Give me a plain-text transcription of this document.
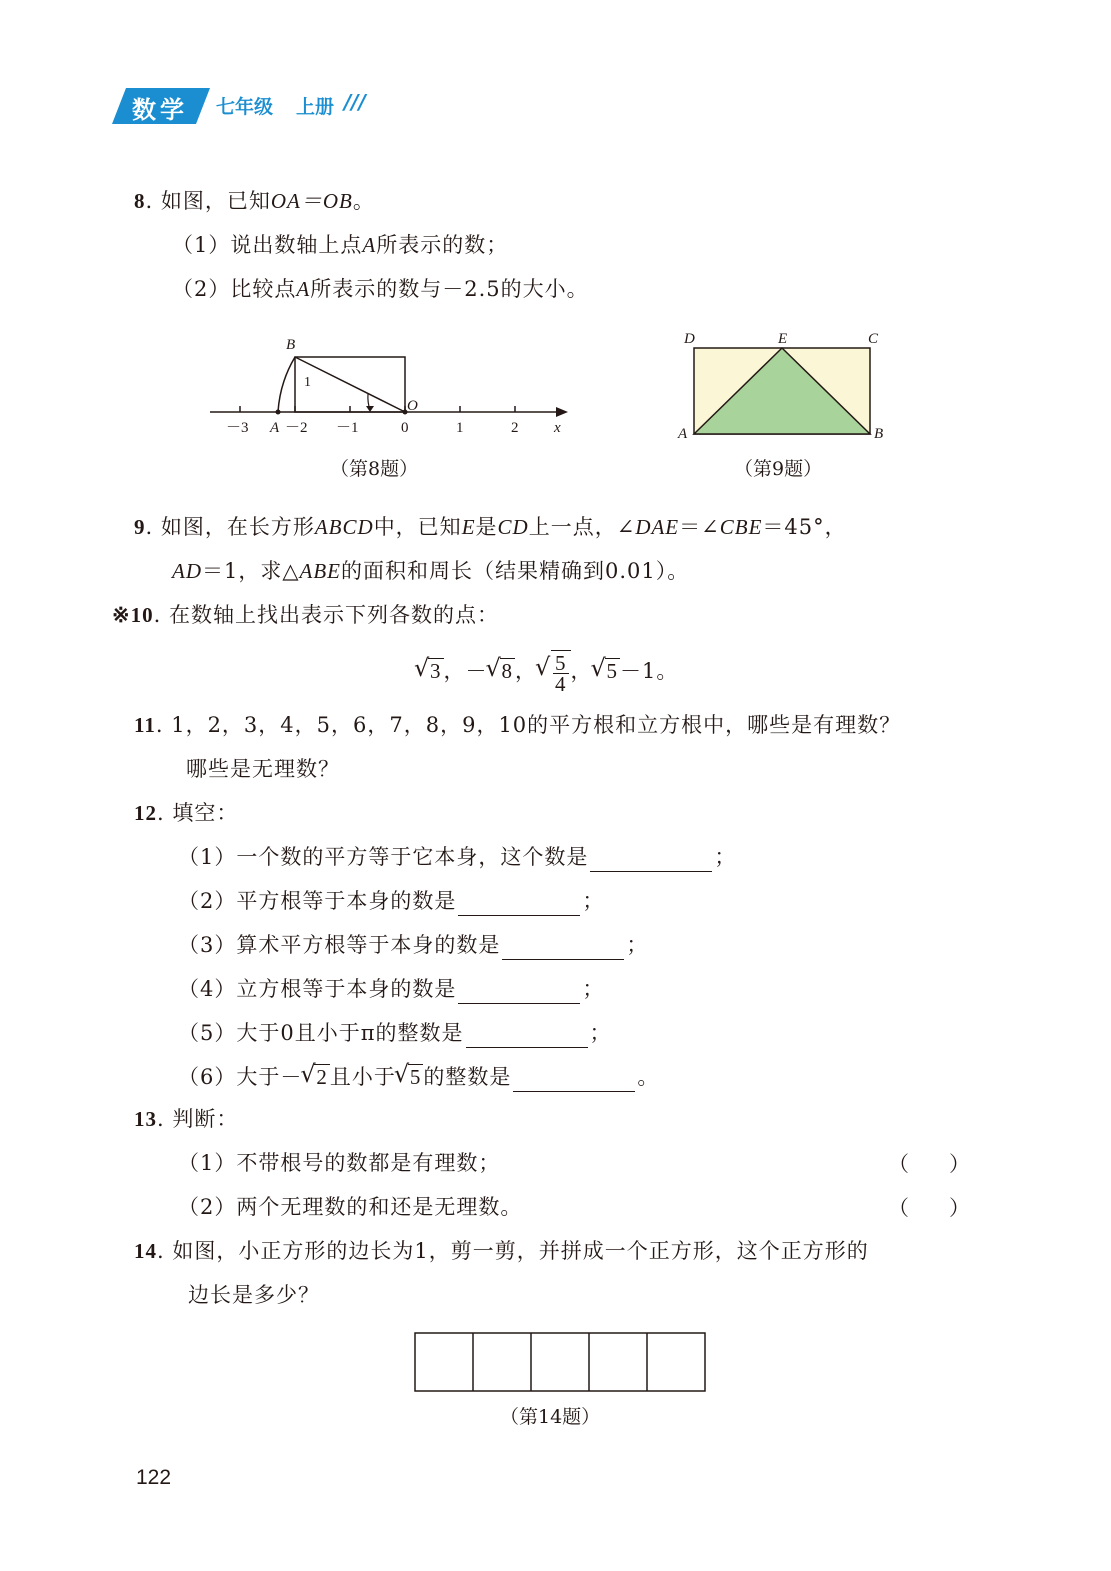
数学 七年级 上册 ///
8. 如图，已知OA＝OB。
（1）说出数轴上点A所表示的数；
（2）比较点A所表示的数与－2.5的大小。
B
1
O
A
－3 －2 －1	0	1	2 x
（第8题）
D	E	C
A	B
（第9题）
9. 如图，在长方形ABCD中，已知E是CD上一点，∠DAE＝∠CBE＝45°，
AD＝1，求△ABE的面积和周长（结果精确到0.01）。
※10. 在数轴上找出表示下列各数的点：
√ 3，－ √ 8， √ $\frac{5}{4}$ ， √ 5－1。
11. 1，2，3，4，5，6，7，8，9，10的平方根和立方根中，哪些是有理数？
哪些是无理数？
12. 填空：
（1）一个数的平方等于它本身，这个数是	；
（2）平方根等于本身的数是	；
（3）算术平方根等于本身的数是	；
（4）立方根等于本身的数是	；
（5）大于0且小于π的整数是	；
（6）大于－ √ 2且小于 √ 5的整数是	。
13. 判断：
（1）不带根号的数都是有理数；	（ ）
（2）两个无理数的和还是无理数。	（ ）
14. 如图，小正方形的边长为1，剪一剪，并拼成一个正方形，这个正方形的
边长是多少？
（第14题）
122
